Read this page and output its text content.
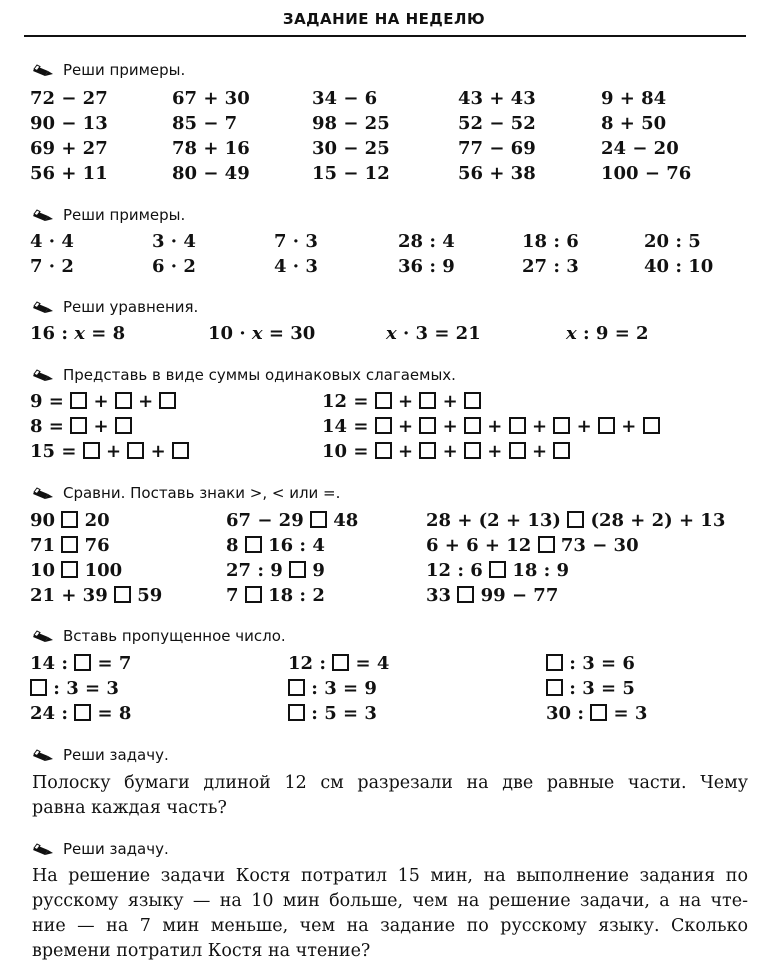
ЗАДАНИЕ НА НЕДЕЛЮ
Реши примеры.
72 − 27	67 + 30	34 − 6	43 + 43	9 + 84
90 − 13	85 − 7	98 − 25	52 − 52	8 + 50
69 + 27	78 + 16	30 − 25	77 − 69	24 − 20
56 + 11	80 − 49	15 − 12	56 + 38	100 − 76
Реши примеры.
4 · 4	3 · 4	7 · 3	28 : 4	18 : 6	20 : 5
7 · 2	6 · 2	4 · 3	36 : 9	27 : 3	40 : 10
Реши уравнения.
16 : x = 8	10 · x = 30	x · 3 = 21	x : 9 = 2
Представь в виде суммы одинаковых слагаемых.
9 = + +	12 = + +
8 = +	14 = + + + + + +
15 = + +	10 = + + + +
Сравни. Поставь знаки >, < или =.
90 20	67 − 29 48	28 + (2 + 13) (28 + 2) + 13
71 76	8 16 : 4	6 + 6 + 12 73 − 30
10 100	27 : 9 9	12 : 6 18 : 9
21 + 39 59	7 18 : 2	33 99 − 77
Вставь пропущенное число.
14 : = 7	12 : = 4	: 3 = 6
: 3 = 3	: 3 = 9	: 3 = 5
24 : = 8	: 5 = 3	30 : = 3
Реши задачу.
Полоску бумаги длиной 12 см разрезали на две равные части. Чему
равна каждая часть?
Реши задачу.
На решение задачи Костя потратил 15 мин, на выполнение задания по
русскому языку — на 10 мин больше, чем на решение задачи, а на чте-
ние — на 7 мин меньше, чем на задание по русскому языку. Сколько
времени потратил Костя на чтение?
